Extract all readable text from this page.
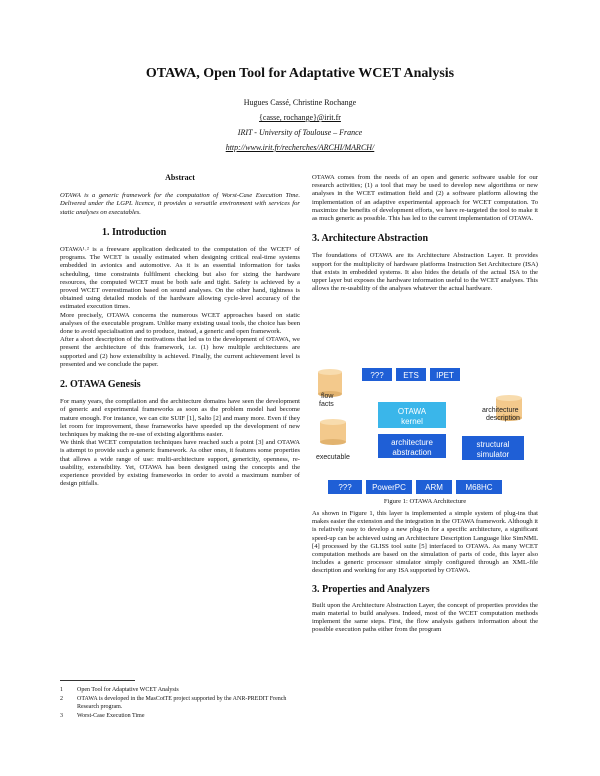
OTAWA, Open Tool for Adaptative WCET Analysis
Hugues Cassé, Christine Rochange
{casse, rochange}@irit.fr
IRIT - University of Toulouse – France
http://www.irit.fr/recherches/ARCHI/MARCH/
Abstract

OTAWA is a generic framework for the computation of Worst-Case Execution Time. Delivered under the LGPL licence, it provides a versatile environment with services for static analyses on executables.

1. Introduction

OTAWA¹˒² is a freeware application dedicated to the computation of the WCET³ of programs. The WCET is usually estimated when designing critical real-time systems embedded in avionics and automotive. As it is an essential information for tasks scheduling, time constraints fulfilment checking but also for sizing the hardware resources, the computed WCET must be both safe and tight. Safety is achieved by a proved WCET overestimation based on sound analyses. On the other hand, tightness is obtained using detailed models of the hardware allowing cycle-level accuracy of the estimated execution times.

More precisely, OTAWA concerns the numerous WCET approaches based on static analyses of the executable program. Unlike many existing usual tools, the choice has been done to avoid specialisation and to produce, instead, a generic and open framework.

After a short description of the motivations that led us to the development of OTAWA, we present the architecture of this framework, i.e. (1) how multiple architectures are supported and (2) how extensibility is achieved. Finally, the current achievement level is presented and we conclude the paper.

2. OTAWA Genesis

For many years, the compilation and the architecture domains have seen the development of generic and experimental frameworks as soon as the problem model had become mature enough. For instance, we can cite SUIF [1], Salto [2] and many more. Even if they let room for improvement, these frameworks have speeded up the development of new techniques by making the re-use of existing algorithms easier.

We think that WCET computation techniques have reached such a point [3] and OTAWA is attempt to provide such a generic framework. As other ones, it features some properties that allows a wide range of use: multi-architecture support, genericity, openness, re-usability, extensibility. Yet, OTAWA has been designed using the concepts and the experience provided by existing frameworks in order to avoid a maximum number of design pitfalls.

1	Open Tool for Adaptative WCET Analysis
2	OTAWA is developed in the MasCotTE project supported by the ANR-PREDIT French Research program.
3	Worst-Case Execution Time

OTAWA comes from the needs of an open and generic software usable for our research activities; (1) a tool that may be used to develop new algorithms or new analyses in the WCET estimation field and (2) a software platform allowing the implementation of an adaptive experimental approach for WCET computation. To maximize the benefits of development efforts, we have re-targeted the tool to make it as much generic as possible. This has led to the current implementation of OTAWA.

3. Architecture Abstraction

The foundations of OTAWA are its Architecture Abstraction Layer. It provides support for the multiplicity of hardware platforms Instruction Set Architecture (ISA) that exists in embedded systems. It also hides the details of the actual ISA to the upper layer but exposes the hardware information useful to the WCET analyses. This allows the re-usability of the analyses whatever the actual hardware.

flow
facts
??? ETS IPET
OTAWA
kernel
architecture
description
executable
architecture
abstraction
structural
simulator
???	PowerPC ARM	M68HC
Figure 1: OTAWA Architecture

As shown in Figure 1, this layer is implemented a simple system of plug-ins that makes easier the extension and the integration in the OTAWA framework. Although it is relatively easy to develop a new plug-in for a specific architecture, a significant speed-up can be achieved using an Architecture Description Language like SimNML [4] processed by the GLISS tool suite [5] interfaced to OTAWA. As many WCET computation methods are based on the simulation of parts of code, this layer also includes a generic processor simulator simply configured through an XML-file description and working for any ISA supported by OTAWA.

3. Properties and Analyzers

Built upon the Architecture Abstraction Layer, the concept of properties provides the main material to build analyses. Indeed, most of the WCET computation methods implement the same steps. First, the flow analysis gathers information about the possible execution paths either from the program
